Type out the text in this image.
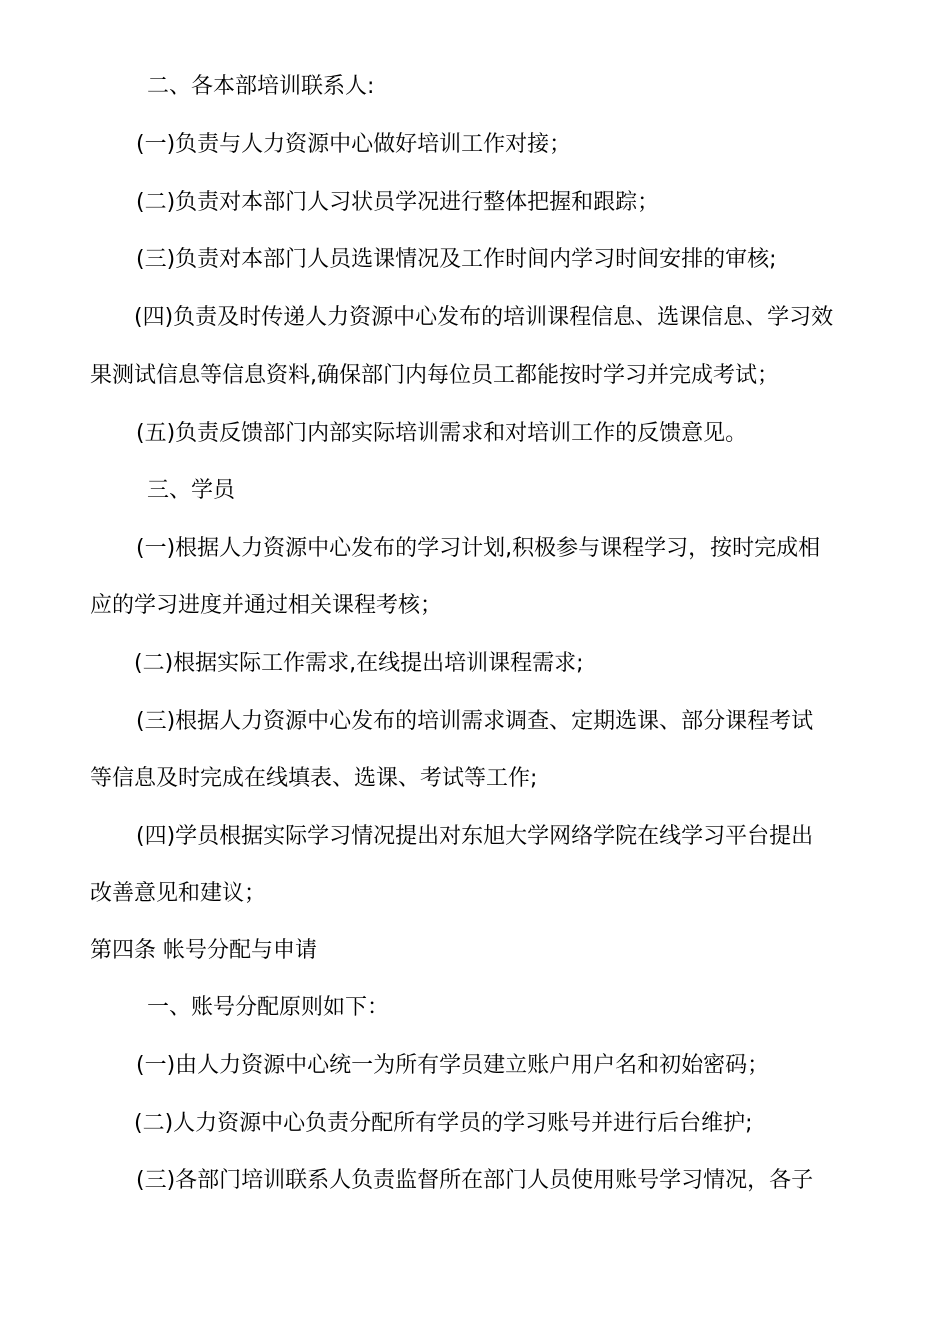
二、各本部培训联系人:
(一)负责与人力资源中心做好培训工作对接；
(二)负责对本部门人习状员学况进行整体把握和跟踪；
(三)负责对本部门人员选课情况及工作时间内学习时间安排的审核;
(四)负责及时传递人力资源中心发布的培训课程信息、选课信息、学习效
果测试信息等信息资料,确保部门内每位员工都能按时学习并完成考试；
(五)负责反馈部门内部实际培训需求和对培训工作的反馈意见。
三、学员
(一)根据人力资源中心发布的学习计划,积极参与课程学习，按时完成相
应的学习进度并通过相关课程考核；
(二)根据实际工作需求,在线提出培训课程需求;
(三)根据人力资源中心发布的培训需求调查、定期选课、部分课程考试
等信息及时完成在线填表、选课、考试等工作;
(四)学员根据实际学习情况提出对东旭大学网络学院在线学习平台提出
改善意见和建议；
第四条 帐号分配与申请
一、账号分配原则如下：
(一)由人力资源中心统一为所有学员建立账户用户名和初始密码；
(二)人力资源中心负责分配所有学员的学习账号并进行后台维护;
(三)各部门培训联系人负责监督所在部门人员使用账号学习情况，各子
